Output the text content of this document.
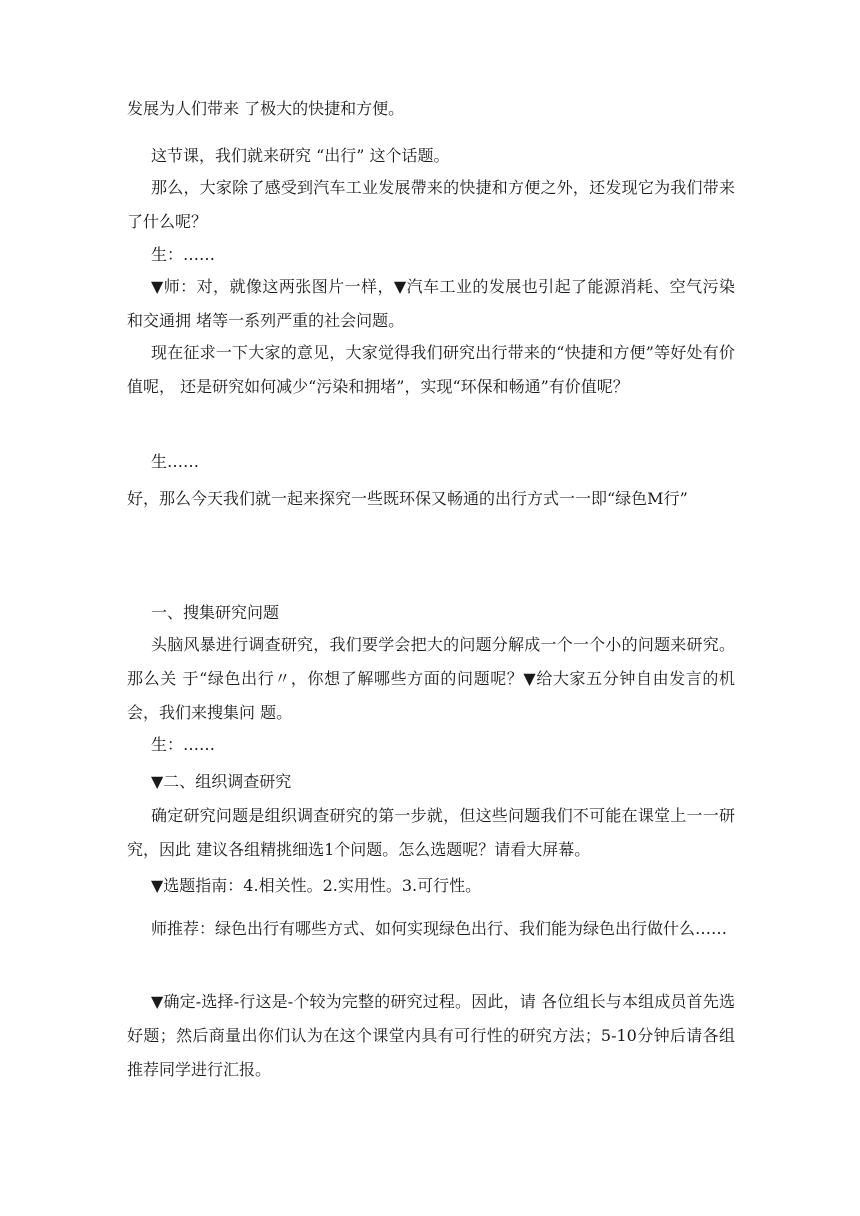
发展为人们带来 了极大的快捷和方便。

这节课，我们就来研究 “出行” 这个话题。

那么，大家除了感受到汽车工业发展帶来的快捷和方便之外，还发现它为我们带来了什么呢？

生：……

▼师：对，就像这两张图片一样，▼汽车工业的发展也引起了能源消耗、空气污染和交通拥 堵等一系列严重的社会问题。

现在征求一下大家的意见，大家觉得我们研究出行带来的“快捷和方便”等好处有价值呢， 还是研究如何减少“污染和拥堵”，实现“环保和畅通”有价值呢？

生……

好，那么今天我们就一起来探究一些既环保又畅通的出行方式一一即“绿色M行”

一、搜集研究问题

头脑风暴进行调查研究，我们要学会把大的问题分解成一个一个小的问题来研究。那么关 于“绿色出行〃，你想了解哪些方面的问题呢？▼给大家五分钟自由发言的机会，我们来搜集问 题。

生：……

▼二、组织调查研究

确定研究问题是组织调查研究的第一步就，但这些问题我们不可能在课堂上一一研究，因此 建议各组精挑细选1个问题。怎么选题呢？请看大屏幕。

▼选题指南：4.相关性。2.实用性。3.可行性。

师推荐：绿色出行有哪些方式、如何实现绿色出行、我们能为绿色出行做什么……

▼确定-选择-行这是-个较为完整的研究过程。因此，请 各位组长与本组成员首先选好题；然后商量出你们认为在这个课堂内具有可行性的研究方法；5-10分钟后请各组推荐同学进行汇报。
